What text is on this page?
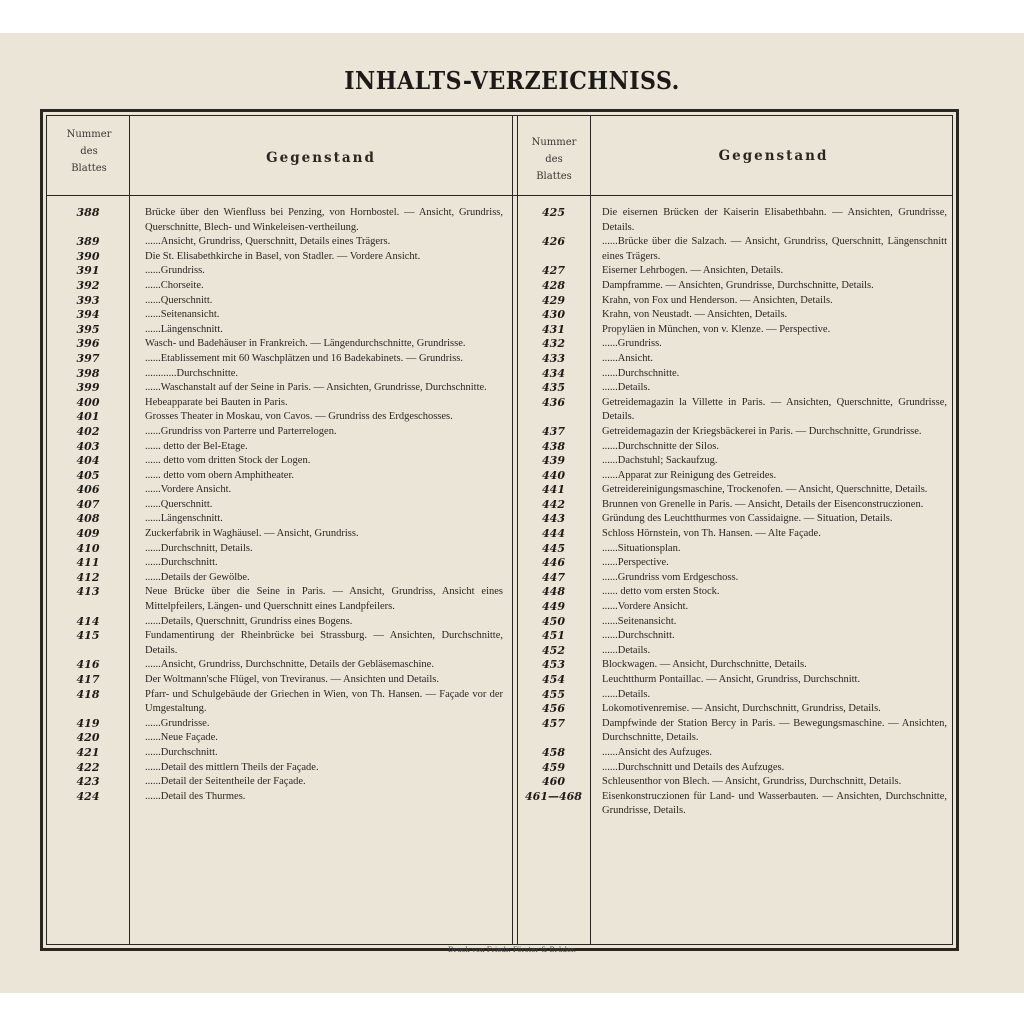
INHALTS-VERZEICHNISS.
Nummer
des
Blattes
Gegenstand
Nummer
des
Blattes
Gegenstand
388	Brücke über den Wienfluss bei Penzing, von Hornbostel. — Ansicht, Grundriss, Querschnitte, Blech- und Winkeleisen-vertheilung.
389	......Ansicht, Grundriss, Querschnitt, Details eines Trägers.
390	Die St. Elisabethkirche in Basel, von Stadler. — Vordere Ansicht.
391	......Grundriss.
392	......Chorseite.
393	......Querschnitt.
394	......Seitenansicht.
395	......Längenschnitt.
396	Wasch- und Badehäuser in Frankreich. — Längendurchschnitte, Grundrisse.
397	......Etablissement mit 60 Waschplätzen und 16 Badekabinets. — Grundriss.
398	............Durchschnitte.
399	......Waschanstalt auf der Seine in Paris. — Ansichten, Grundrisse, Durchschnitte.
400	Hebeapparate bei Bauten in Paris.
401	Grosses Theater in Moskau, von Cavos. — Grundriss des Erdgeschosses.
402	......Grundriss von Parterre und Parterrelogen.
403	...... detto der Bel-Etage.
404	...... detto vom dritten Stock der Logen.
405	...... detto vom obern Amphitheater.
406	......Vordere Ansicht.
407	......Querschnitt.
408	......Längenschnitt.
409	Zuckerfabrik in Waghäusel. — Ansicht, Grundriss.
410	......Durchschnitt, Details.
411	......Durchschnitt.
412	......Details der Gewölbe.
413	Neue Brücke über die Seine in Paris. — Ansicht, Grundriss, Ansicht eines Mittelpfeilers, Längen- und Querschnitt eines Landpfeilers.
414	......Details, Querschnitt, Grundriss eines Bogens.
415	Fundamentirung der Rheinbrücke bei Strassburg. — Ansichten, Durchschnitte, Details.
416	......Ansicht, Grundriss, Durchschnitte, Details der Gebläsemaschine.
417	Der Woltmann'sche Flügel, von Treviranus. — Ansichten und Details.
418	Pfarr- und Schulgebäude der Griechen in Wien, von Th. Hansen. — Façade vor der Umgestaltung.
419	......Grundrisse.
420	......Neue Façade.
421	......Durchschnitt.
422	......Detail des mittlern Theils der Façade.
423	......Detail der Seitentheile der Façade.
424	......Detail des Thurmes.
425	Die eisernen Brücken der Kaiserin Elisabethbahn. — Ansichten, Grundrisse, Details.
426	......Brücke über die Salzach. — Ansicht, Grundriss, Querschnitt, Längenschnitt eines Trägers.
427	Eiserner Lehrbogen. — Ansichten, Details.
428	Dampframme. — Ansichten, Grundrisse, Durchschnitte, Details.
429	Krahn, von Fox und Henderson. — Ansichten, Details.
430	Krahn, von Neustadt. — Ansichten, Details.
431	Propyläen in München, von v. Klenze. — Perspective.
432	......Grundriss.
433	......Ansicht.
434	......Durchschnitte.
435	......Details.
436	Getreidemagazin la Villette in Paris. — Ansichten, Querschnitte, Grundrisse, Details.
437	Getreidemagazin der Kriegsbäckerei in Paris. — Durchschnitte, Grundrisse.
438	......Durchschnitte der Silos.
439	......Dachstuhl; Sackaufzug.
440	......Apparat zur Reinigung des Getreides.
441	Getreidereinigungsmaschine, Trockenofen. — Ansicht, Querschnitte, Details.
442	Brunnen von Grenelle in Paris. — Ansicht, Details der Eisenconstruczionen.
443	Gründung des Leuchtthurmes von Cassidaigne. — Situation, Details.
444	Schloss Hörnstein, von Th. Hansen. — Alte Façade.
445	......Situationsplan.
446	......Perspective.
447	......Grundriss vom Erdgeschoss.
448	...... detto vom ersten Stock.
449	......Vordere Ansicht.
450	......Seitenansicht.
451	......Durchschnitt.
452	......Details.
453	Blockwagen. — Ansicht, Durchschnitte, Details.
454	Leuchtthurm Pontaillac. — Ansicht, Grundriss, Durchschnitt.
455	......Details.
456	Lokomotivenremise. — Ansicht, Durchschnitt, Grundriss, Details.
457	Dampfwinde der Station Bercy in Paris. — Bewegungsmaschine. — Ansichten, Durchschnitte, Details.
458	......Ansicht des Aufzuges.
459	......Durchschnitt und Details des Aufzuges.
460	Schleusenthor von Blech. — Ansicht, Grundriss, Durchschnitt, Details.
461—468	Eisenkonstruczionen für Land- und Wasserbauten. — Ansichten, Durchschnitte, Grundrisse, Details.
Druck von Friedr. Förster & Brüder.
